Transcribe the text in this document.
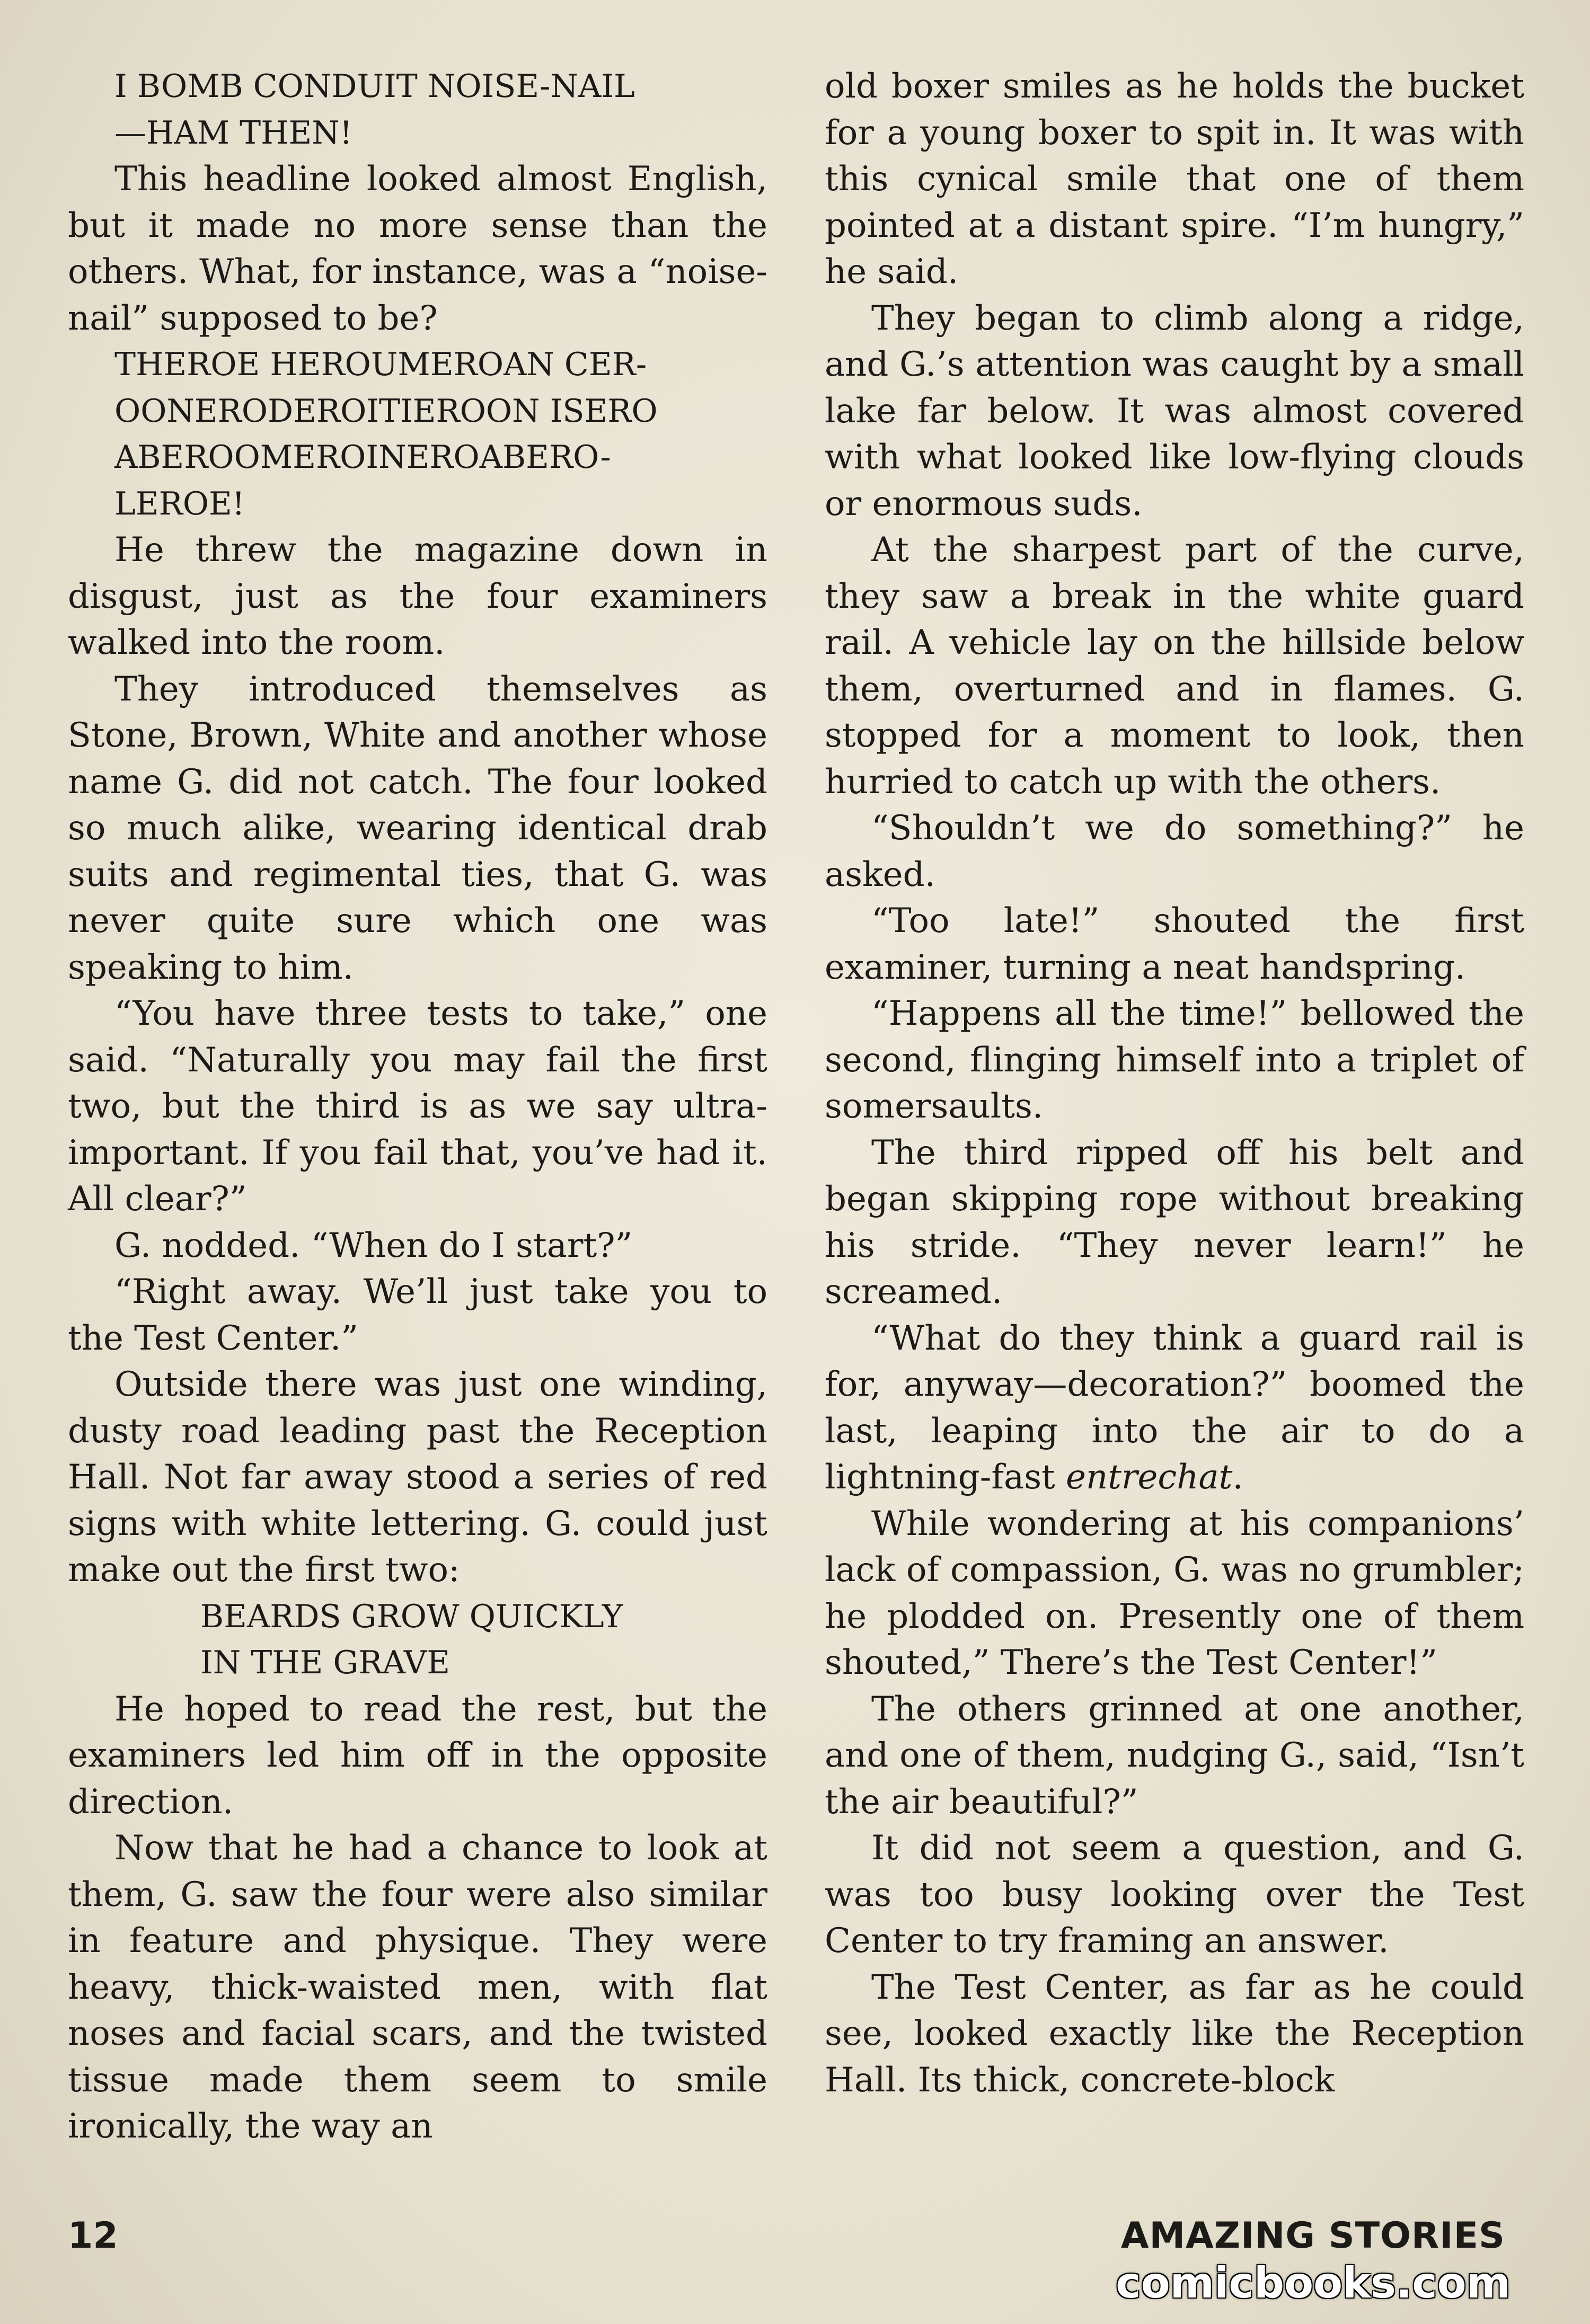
I BOMB CONDUIT NOISE-NAIL

—HAM THEN!

This headline looked almost English, but it made no more sense than the others. What, for instance, was a “noise-nail” supposed to be?

THEROE HEROUMEROAN CER-

OONERODEROITIEROON ISERO

ABEROOMEROINEROABERO-

LEROE!

He threw the magazine down in disgust, just as the four examiners walked into the room.

They introduced themselves as Stone, Brown, White and another whose name G. did not catch. The four looked so much alike, wearing identical drab suits and regimental ties, that G. was never quite sure which one was speaking to him.

“You have three tests to take,” one said. “Naturally you may fail the first two, but the third is as we say ultra-important. If you fail that, you’ve had it. All clear?”

G. nodded. “When do I start?”

“Right away. We’ll just take you to the Test Center.”

Outside there was just one winding, dusty road leading past the Reception Hall. Not far away stood a series of red signs with white lettering. G. could just make out the first two:

BEARDS GROW QUICKLY

IN THE GRAVE

He hoped to read the rest, but the examiners led him off in the opposite direction.

Now that he had a chance to look at them, G. saw the four were also similar in feature and physique. They were heavy, thick-waisted men, with flat noses and facial scars, and the twisted tissue made them seem to smile ironically, the way an

old boxer smiles as he holds the bucket for a young boxer to spit in. It was with this cynical smile that one of them pointed at a distant spire. “I’m hungry,” he said.

They began to climb along a ridge, and G.’s attention was caught by a small lake far below. It was almost covered with what looked like low-flying clouds or enormous suds.

At the sharpest part of the curve, they saw a break in the white guard rail. A vehicle lay on the hillside below them, overturned and in flames. G. stopped for a moment to look, then hurried to catch up with the others.

“Shouldn’t we do something?” he asked.

“Too late!” shouted the first examiner, turning a neat handspring.

“Happens all the time!” bellowed the second, flinging himself into a triplet of somersaults.

The third ripped off his belt and began skipping rope without breaking his stride. “They never learn!” he screamed.

“What do they think a guard rail is for, anyway—decoration?” boomed the last, leaping into the air to do a lightning-fast entrechat.

While wondering at his companions’ lack of compassion, G. was no grumbler; he plodded on. Presently one of them shouted,” There’s the Test Center!”

The others grinned at one another, and one of them, nudging G., said, “Isn’t the air beautiful?”

It did not seem a question, and G. was too busy looking over the Test Center to try framing an answer.

The Test Center, as far as he could see, looked exactly like the Reception Hall. Its thick, concrete-block

12	AMAZING STORIES
comicbooks.com
